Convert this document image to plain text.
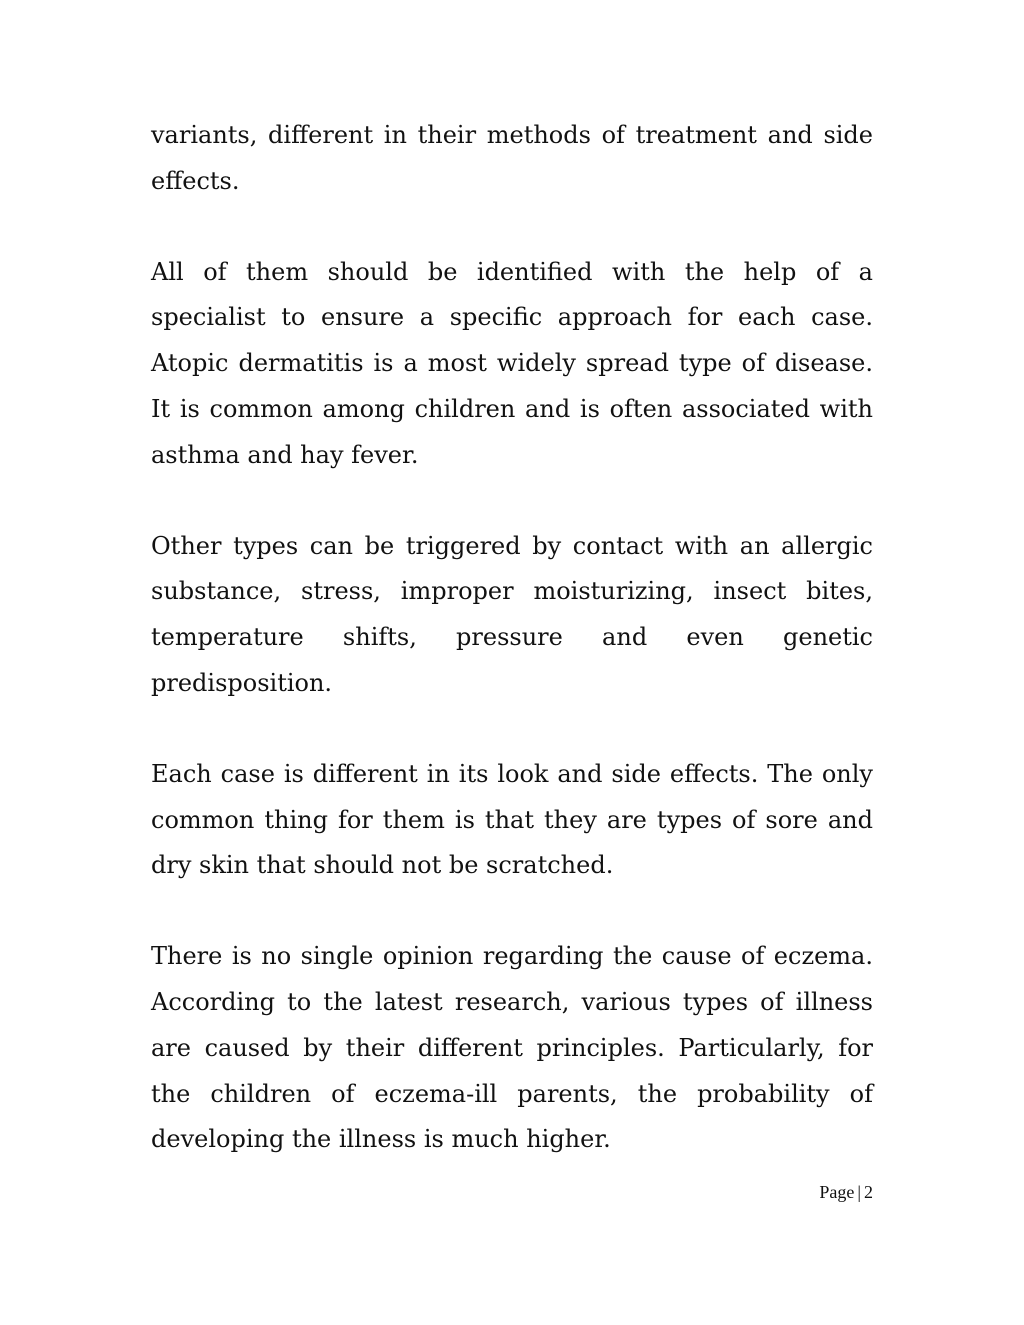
variants, different in their methods of treatment and side effects.

All of them should be identified with the help of a specialist to ensure a specific approach for each case. Atopic dermatitis is a most widely spread type of disease. It is common among children and is often associated with asthma and hay fever.

Other types can be triggered by contact with an allergic substance, stress, improper moisturizing, insect bites, temperature shifts, pressure and even genetic predisposition.

Each case is different in its look and side effects. The only common thing for them is that they are types of sore and dry skin that should not be scratched.

There is no single opinion regarding the cause of eczema. According to the latest research, various types of illness are caused by their different principles. Particularly, for the children of eczema-ill parents, the probability of developing the illness is much higher.

Page | 2
